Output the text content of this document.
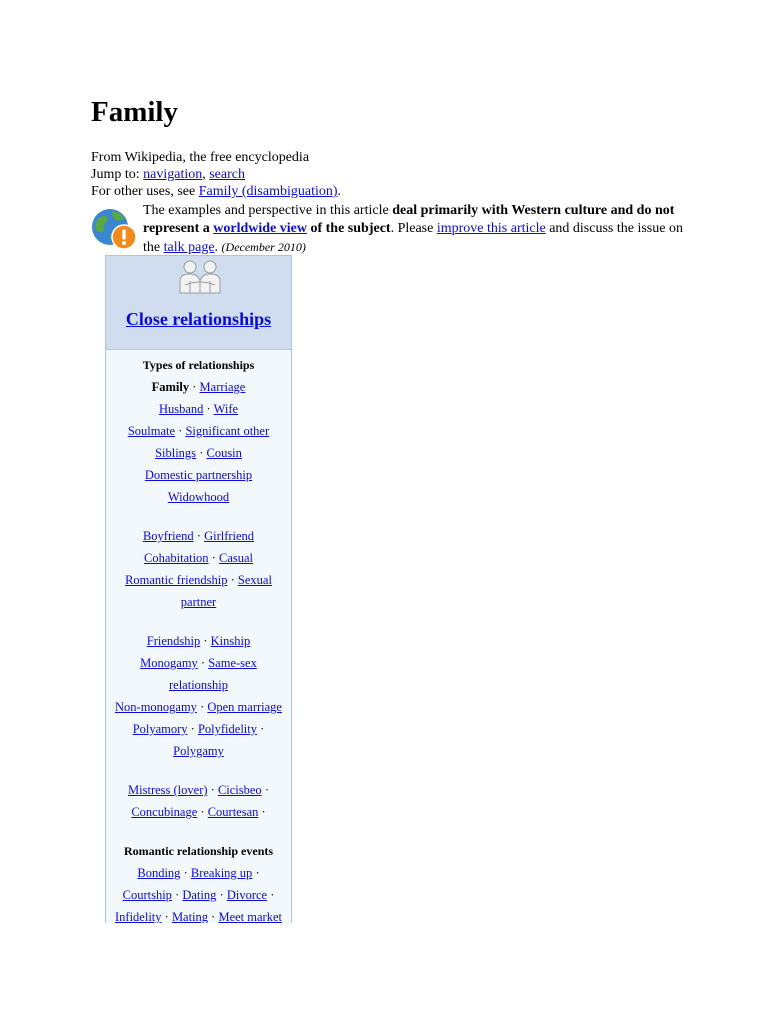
Family
From Wikipedia, the free encyclopedia
Jump to: navigation, search
For other uses, see Family (disambiguation).
The examples and perspective in this article deal primarily with Western culture and do not represent a worldwide view of the subject. Please improve this article and discuss the issue on the talk page. (December 2010)
Close relationships
Types of relationships
Family · Marriage
Husband · Wife
Soulmate · Significant other
Siblings · Cousin
Domestic partnership
Widowhood
Boyfriend · Girlfriend
Cohabitation · Casual
Romantic friendship · Sexual
partner
Friendship · Kinship
Monogamy · Same-sex
relationship
Non-monogamy · Open marriage
Polyamory · Polyfidelity ·
Polygamy
Mistress (lover) · Cicisbeo ·
Concubinage · Courtesan ·
Romantic relationship events
Bonding · Breaking up ·
Courtship · Dating · Divorce ·
Infidelity · Mating · Meet market
